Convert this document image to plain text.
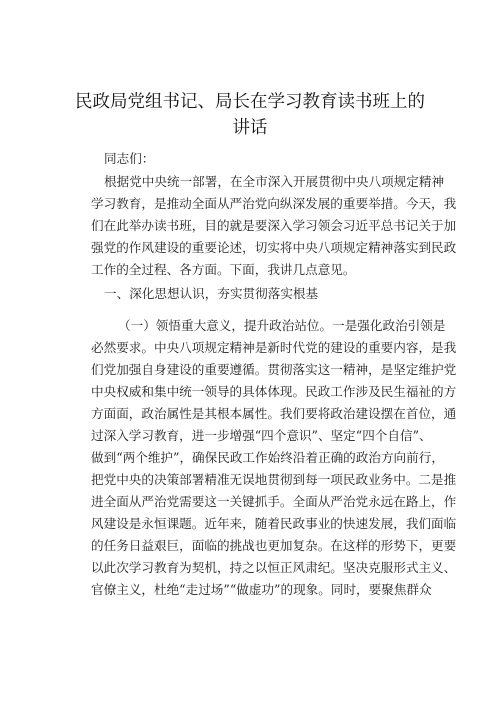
民政局党组书记、局长在学习教育读书班上的
讲话
同志们：
根据党中央统一部署，在全市深入开展贯彻中央八项规定精神
学习教育，是推动全面从严治党向纵深发展的重要举措。今天，我
们在此举办读书班，目的就是要深入学习领会习近平总书记关于加
强党的作风建设的重要论述，切实将中央八项规定精神落实到民政
工作的全过程、各方面。下面，我讲几点意见。
一、深化思想认识，夯实贯彻落实根基
（一）领悟重大意义，提升政治站位。一是强化政治引领是
必然要求。中央八项规定精神是新时代党的建设的重要内容，是我
们党加强自身建设的重要遵循。贯彻落实这一精神，是坚定维护党
中央权威和集中统一领导的具体体现。民政工作涉及民生福祉的方
方面面，政治属性是其根本属性。我们要将政治建设摆在首位，通
过深入学习教育，进一步增强“四个意识”、坚定“四个自信”、
做到“两个维护”，确保民政工作始终沿着正确的政治方向前行，
把党中央的决策部署精准无误地贯彻到每一项民政业务中。二是推
进全面从严治党需要这一关键抓手。全面从严治党永远在路上，作
风建设是永恒课题。近年来，随着民政事业的快速发展，我们面临
的任务日益艰巨，面临的挑战也更加复杂。在这样的形势下，更要
以此次学习教育为契机，持之以恒正风肃纪。坚决克服形式主义、
官僚主义，杜绝“走过场”“做虚功”的现象。同时，要聚焦群众
